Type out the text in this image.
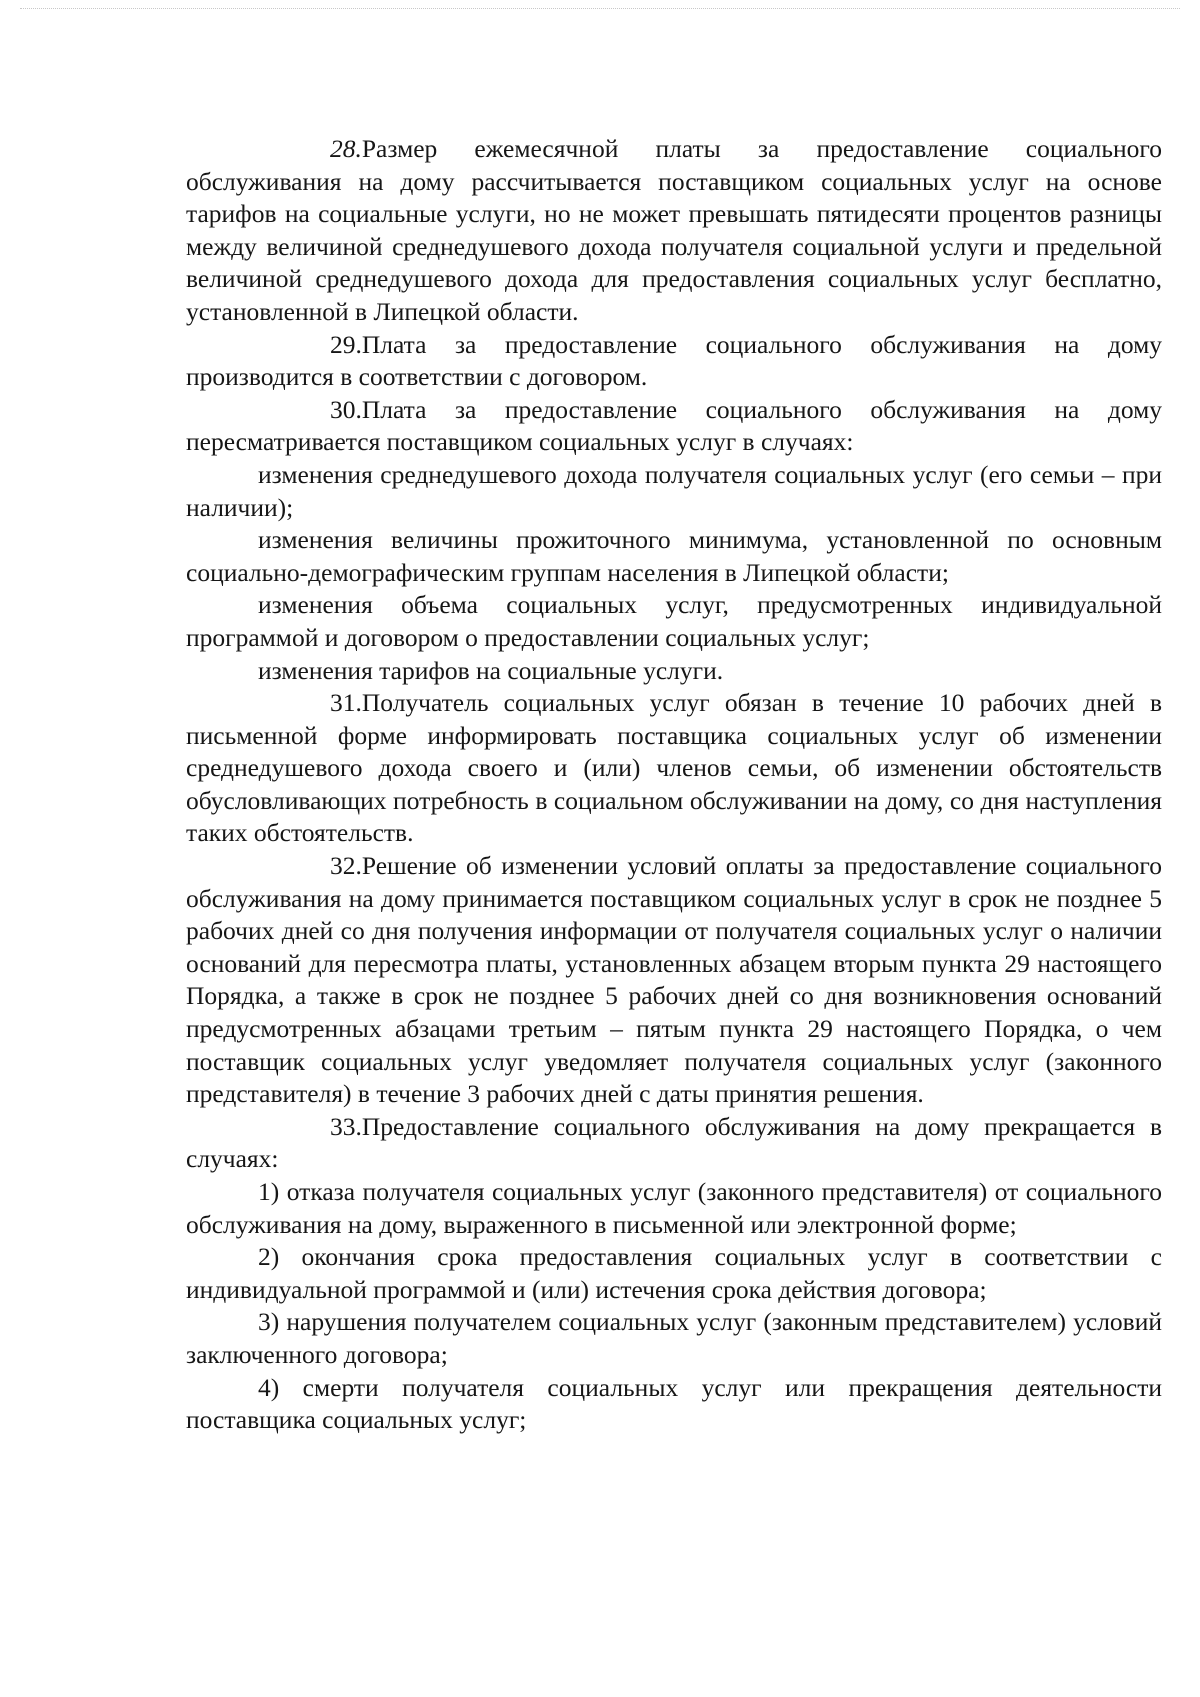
28.Размер ежемесячной платы за предоставление социального обслуживания на дому рассчитывается поставщиком социальных услуг на основе тарифов на социальные услуги, но не может превышать пятидесяти процентов разницы между величиной среднедушевого дохода получателя социальной услуги и предельной величиной среднедушевого дохода для предоставления социальных услуг бесплатно, установленной в Липецкой области.

29.Плата за предоставление социального обслуживания на дому производится в соответствии с договором.

30.Плата за предоставление социального обслуживания на дому пересматривается поставщиком социальных услуг в случаях:

изменения среднедушевого дохода получателя социальных услуг (его семьи – при наличии);

изменения величины прожиточного минимума, установленной по основным социально-демографическим группам населения в Липецкой области;

изменения объема социальных услуг, предусмотренных индивидуальной программой и договором о предоставлении социальных услуг;

изменения тарифов на социальные услуги.

31.Получатель социальных услуг обязан в течение 10 рабочих дней в письменной форме информировать поставщика социальных услуг об изменении среднедушевого дохода своего и (или) членов семьи, об изменении обстоятельств обусловливающих потребность в социальном обслуживании на дому, со дня наступления таких обстоятельств.

32.Решение об изменении условий оплаты за предоставление социального обслуживания на дому принимается поставщиком социальных услуг в срок не позднее 5 рабочих дней со дня получения информации от получателя социальных услуг о наличии оснований для пересмотра платы, установленных абзацем вторым пункта 29 настоящего Порядка, а также в срок не позднее 5 рабочих дней со дня возникновения оснований предусмотренных абзацами третьим – пятым пункта 29 настоящего Порядка, о чем поставщик социальных услуг уведомляет получателя социальных услуг (законного представителя) в течение 3 рабочих дней с даты принятия решения.

33.Предоставление социального обслуживания на дому прекращается в случаях:

1) отказа получателя социальных услуг (законного представителя) от социального обслуживания на дому, выраженного в письменной или электронной форме;

2) окончания срока предоставления социальных услуг в соответствии с индивидуальной программой и (или) истечения срока действия договора;

3) нарушения получателем социальных услуг (законным представителем) условий заключенного договора;

4) смерти получателя социальных услуг или прекращения деятельности поставщика социальных услуг;
